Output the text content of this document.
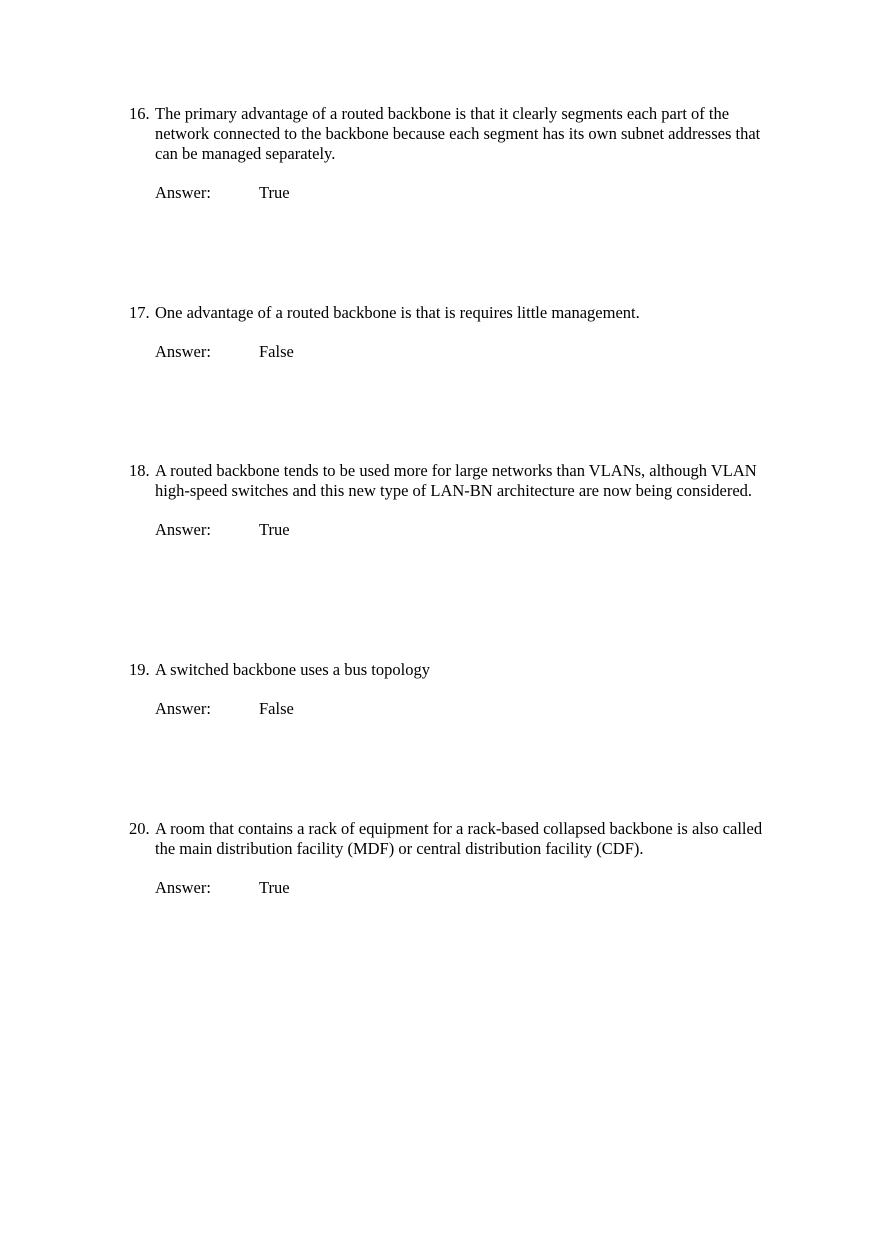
16. The primary advantage of a routed backbone is that it clearly segments each part of the network connected to the backbone because each segment has its own subnet addresses that can be managed separately.
Answer:	True
17. One advantage of a routed backbone is that is requires little management.
Answer:	False
18. A routed backbone tends to be used more for large networks than VLANs, although VLAN high-speed switches and this new type of LAN-BN architecture are now being considered.
Answer:	True
19. A switched backbone uses a bus topology
Answer:	False
20. A room that contains a rack of equipment for a rack-based collapsed backbone is also called the main distribution facility (MDF) or central distribution facility (CDF).
Answer:	True
